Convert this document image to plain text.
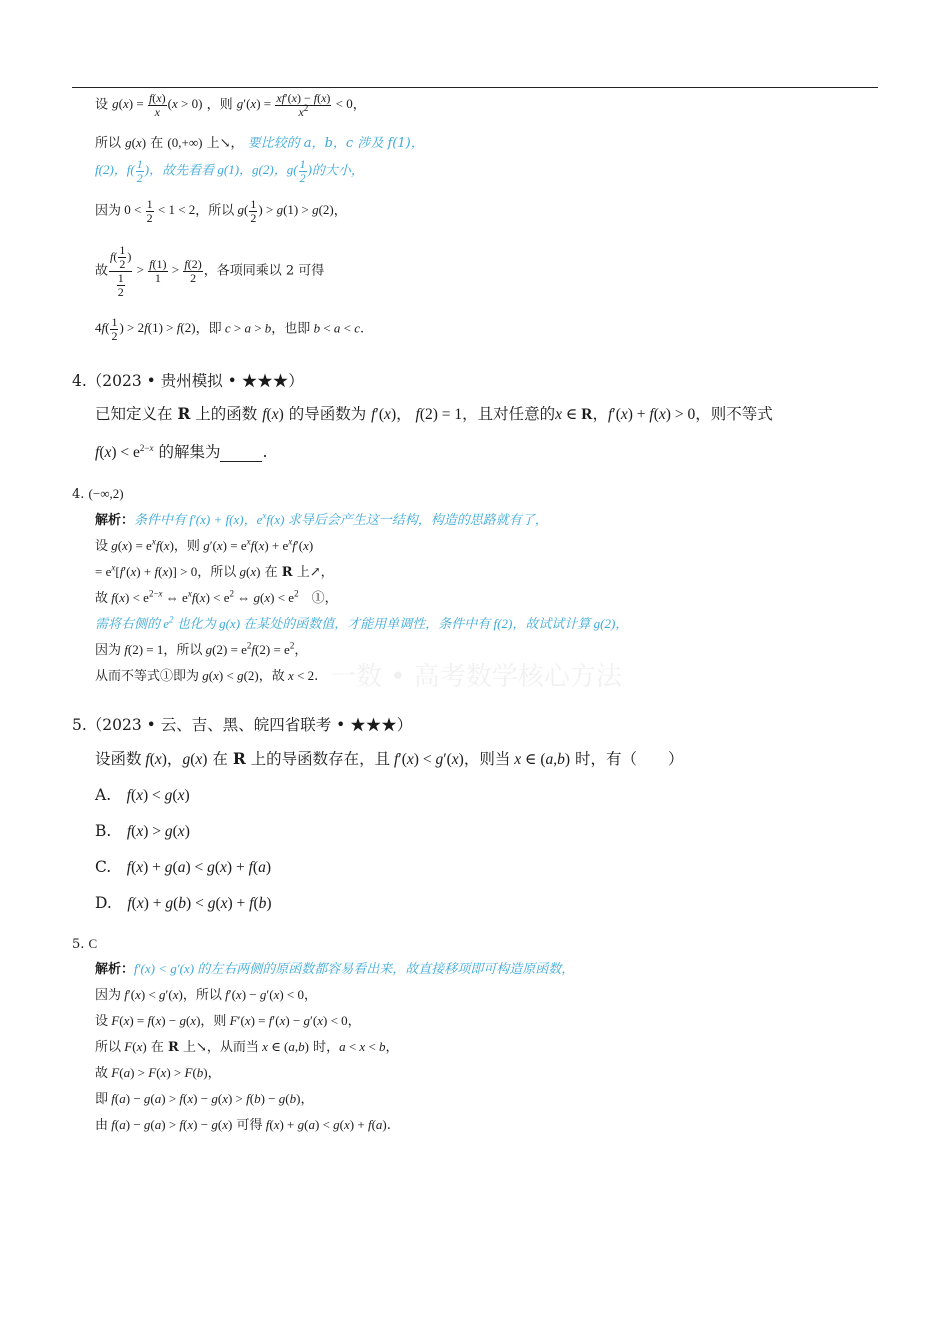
一数 • 高考数学核心方法
设 $g(x) = \frac{f(x)}{x} (x > 0)$ ，则 $g'(x) = \frac{xf'(x) - f(x)}{x^2} < 0$，
所以 g(x) 在 (0,+∞) 上↘， 要比较的 a，b，c 涉及 f(1)，
f(2)，$f( \frac{1}{2}$ )，故先看看 g(1)，g(2)，$g( \frac{1}{2}$ )的大小，
因为 $0 < \frac{1}{2} < 1 < 2$，所以 $g( \frac{1}{2}$ ) > g(1) > g(2)，
故 $\frac{f( \frac{1}{2} )}{\frac{1}{2}} > \frac{f(1)}{1} > \frac{f(2)}{2}$ ，各项同乘以 2 可得
$4f( \frac{1}{2}$ ) > 2f(1) > f(2)，即 c > a > b，也即 b < a < c.
4.（2023 • 贵州模拟 • ★★★）
已知定义在 R 上的函数 f(x) 的导函数为 f′(x)， f(2) = 1，且对任意的x ∈ R，f′(x) + f(x) > 0，则不等式
$f(x) < e^{2-x}$ 的解集为	.
4. (−∞,2)
解析：条件中有 f′(x) + f(x)，$e^xf(x)$ 求导后会产生这一结构，构造的思路就有了，
设 $g(x) = e^xf(x)$，则 $g'(x) = e^xf(x) + e^xf'(x)$
= $e^x[f'(x) + f(x)] > 0$，所以 g(x) 在 R 上↗，
故 $f(x) < e^{2-x}$ ⇔ $e^xf(x) < e^2$ ⇔ $g(x) < e^2$　 ①，
需将右侧的 $e^2$ 也化为 g(x) 在某处的函数值，才能用单调性，条件中有 f(2)，故试试计算 g(2)，
因为 f(2) = 1，所以 $g(2) = e^2f(2) = e^2$，
从而不等式①即为 g(x) < g(2)，故 x < 2.
5.（2023 • 云、吉、黑、皖四省联考 • ★★★）
设函数 f(x)，g(x) 在 R 上的导函数存在，且 f′(x) < g′(x)，则当 x ∈ (a,b) 时，有（　　）
A.　 f(x) < g(x)
B.　 f(x) > g(x)
C.　 f(x) + g(a) < g(x) + f(a)
D.　 f(x) + g(b) < g(x) + f(b)
5. C
解析：f′(x) < g′(x) 的左右两侧的原函数都容易看出来，故直接移项即可构造原函数，
因为 f′(x) < g′(x)，所以 f′(x) − g′(x) < 0，
设 F(x) = f(x) − g(x)，则 F′(x) = f′(x) − g′(x) < 0，
所以 F(x) 在 R 上↘，从而当 x ∈ (a,b) 时，a < x < b，
故 F(a) > F(x) > F(b)，
即 f(a) − g(a) > f(x) − g(x) > f(b) − g(b)，
由 f(a) − g(a) > f(x) − g(x) 可得 f(x) + g(a) < g(x) + f(a).
